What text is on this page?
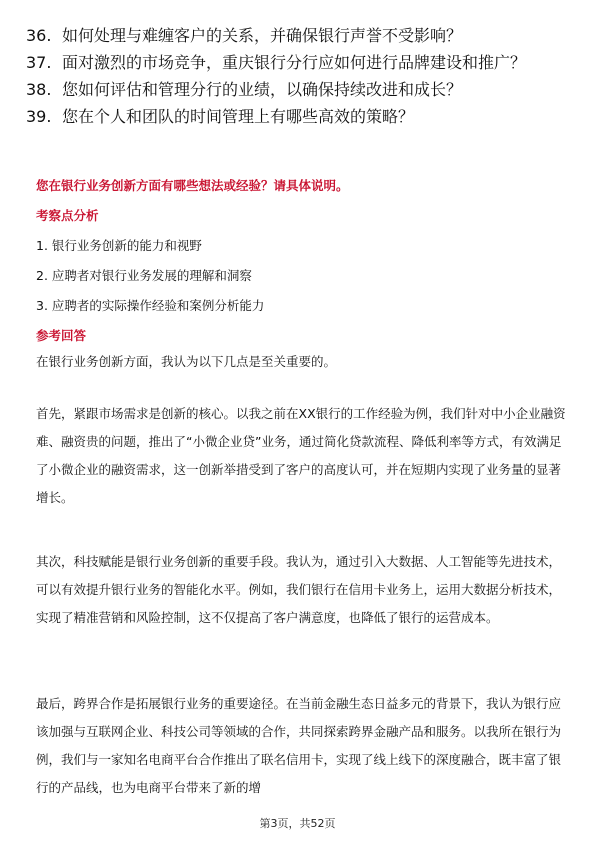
36. 如何处理与难缠客户的关系，并确保银行声誉不受影响？
37. 面对激烈的市场竞争，重庆银行分行应如何进行品牌建设和推广？
38. 您如何评估和管理分行的业绩，以确保持续改进和成长？
39. 您在个人和团队的时间管理上有哪些高效的策略？
您在银行业务创新方面有哪些想法或经验？请具体说明。
考察点分析
1. 银行业务创新的能力和视野
2. 应聘者对银行业务发展的理解和洞察
3. 应聘者的实际操作经验和案例分析能力
参考回答

在银行业务创新方面，我认为以下几点是至关重要的。

首先，紧跟市场需求是创新的核心。以我之前在XX银行的工作经验为例，我们针对中小企业融资难、融资贵的问题，推出了“小微企业贷”业务，通过简化贷款流程、降低利率等方式，有效满足了小微企业的融资需求，这一创新举措受到了客户的高度认可，并在短期内实现了业务量的显著增长。

其次，科技赋能是银行业务创新的重要手段。我认为，通过引入大数据、人工智能等先进技术，可以有效提升银行业务的智能化水平。例如，我们银行在信用卡业务上，运用大数据分析技术，实现了精准营销和风险控制，这不仅提高了客户满意度，也降低了银行的运营成本。

最后，跨界合作是拓展银行业务的重要途径。在当前金融生态日益多元的背景下，我认为银行应该加强与互联网企业、科技公司等领域的合作，共同探索跨界金融产品和服务。以我所在银行为例，我们与一家知名电商平台合作推出了联名信用卡，实现了线上线下的深度融合，既丰富了银行的产品线，也为电商平台带来了新的增

第3页，共52页
